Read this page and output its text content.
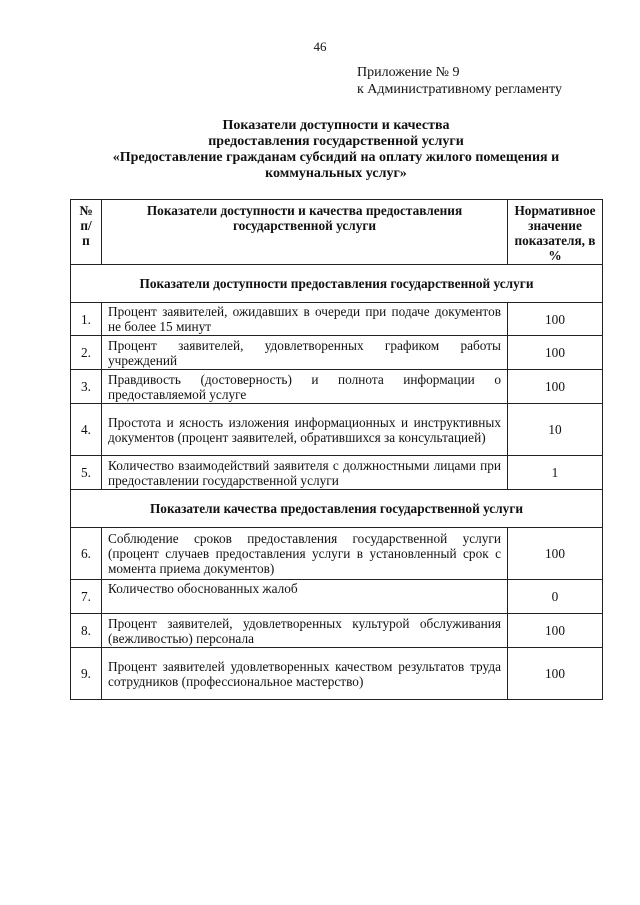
46
Приложение № 9
к Административному регламенту
Показатели доступности и качества
предоставления государственной услуги
«Предоставление гражданам субсидий на оплату жилого помещения и
коммунальных услуг»
№ п/п	Показатели доступности и качества предоставления государственной услуги	Нормативное значение показателя, в %
Показатели доступности предоставления государственной услуги		
1.	Процент заявителей, ожидавших в очереди при подаче документов не более 15 минут	100
2.	Процент заявителей, удовлетворенных графиком работы учреждений	100
3.	Правдивость (достоверность) и полнота информации о предоставляемой услуге	100
4.	Простота и ясность изложения информационных и инструктивных документов (процент заявителей, обратившихся за консультацией)	10
5.	Количество взаимодействий заявителя с должностными лицами при предоставлении государственной услуги	1
Показатели качества предоставления государственной услуги		
6.	Соблюдение сроков предоставления государственной услуги (процент случаев предоставления услуги в установленный срок с момента приема документов)	100
7.	Количество обоснованных жалоб	0
8.	Процент заявителей, удовлетворенных культурой обслуживания (вежливостью) персонала	100
9.	Процент заявителей удовлетворенных качеством результатов труда сотрудников (профессиональное мастерство)	100
